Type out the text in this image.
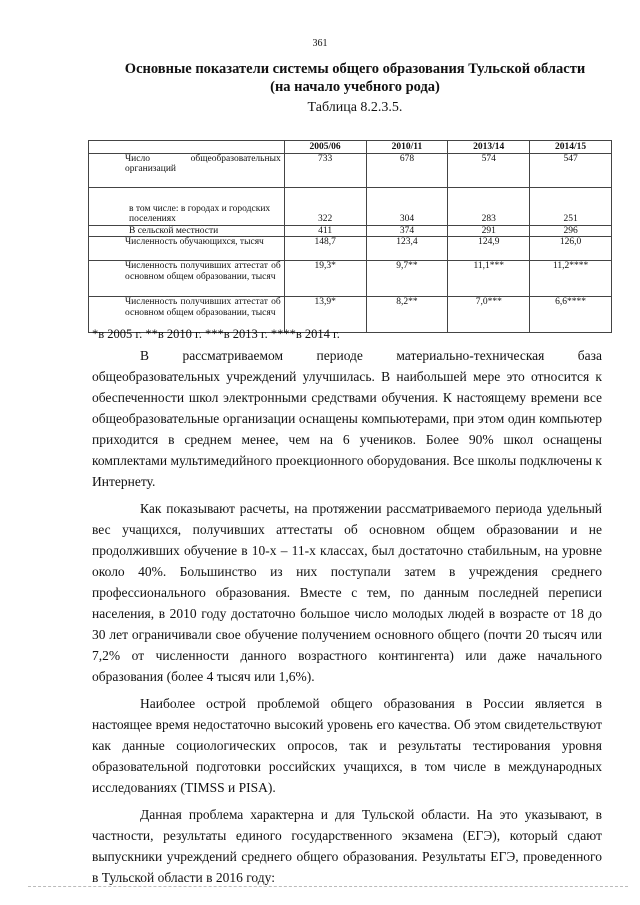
361
Основные показатели системы общего образования Тульской области
(на начало учебного рода)
Таблица 8.2.3.5.
	2005/06	2010/11	2013/14	2014/15
Число общеобразовательных организаций	733	678	574	547
в том числе: в городах и городских поселениях	322	304	283	251
В сельской местности	411	374	291	296
Численность обучающихся, тысяч	148,7	123,4	124,9	126,0
Численность получивших аттестат об основном общем образовании, тысяч	19,3*	9,7**	11,1***	11,2****
Численность получивших аттестат об основном общем образовании, тысяч	13,9*	8,2**	7,0***	6,6****
*в 2005 г. **в 2010 г. ***в 2013 г. ****в 2014 г.

В рассматриваемом периоде материально-техническая база общеобразовательных учреждений улучшилась. В наибольшей мере это относится к обеспеченности школ электронными средствами обучения. К настоящему времени все общеобразовательные организации оснащены компьютерами, при этом один компьютер приходится в среднем менее, чем на 6 учеников. Более 90% школ оснащены комплектами мультимедийного проекционного оборудования. Все школы подключены к Интернету.

Как показывают расчеты, на протяжении рассматриваемого периода удельный вес учащихся, получивших аттестаты об основном общем образовании и не продолживших обучение в 10-х – 11-х классах, был достаточно стабильным, на уровне около 40%. Большинство из них поступали затем в учреждения среднего профессионального образования. Вместе с тем, по данным последней переписи населения, в 2010 году достаточно большое число молодых людей в возрасте от 18 до 30 лет ограничивали свое обучение получением основного общего (почти 20 тысяч или 7,2% от численности данного возрастного контингента) или даже начального образования (более 4 тысяч или 1,6%).

Наиболее острой проблемой общего образования в России является в настоящее время недостаточно высокий уровень его качества. Об этом свидетельствуют как данные социологических опросов, так и результаты тестирования уровня образовательной подготовки российских учащихся, в том числе в международных исследованиях (TIMSS и PISA).

Данная проблема характерна и для Тульской области. На это указывают, в частности, результаты единого государственного экзамена (ЕГЭ), который сдают выпускники учреждений среднего общего образования. Результаты ЕГЭ, проведенного в Тульской области в 2016 году:
